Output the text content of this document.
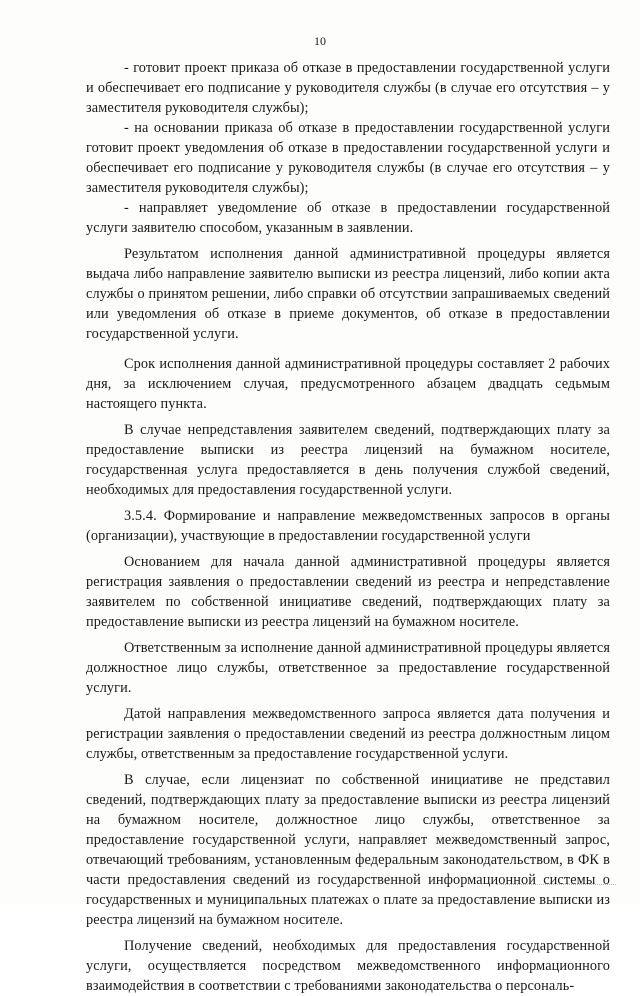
10

- готовит проект приказа об отказе в предоставлении государственной услуги и обеспечивает его подписание у руководителя службы (в случае его отсутствия – у заместителя руководителя службы);

- на основании приказа об отказе в предоставлении государственной услуги готовит проект уведомления об отказе в предоставлении государственной услуги и обеспечивает его подписание у руководителя службы (в случае его отсутствия – у заместителя руководителя службы);

- направляет уведомление об отказе в предоставлении государственной услуги заявителю способом, указанным в заявлении.

Результатом исполнения данной административной процедуры является выдача либо направление заявителю выписки из реестра лицензий, либо копии акта службы о принятом решении, либо справки об отсутствии запрашиваемых сведений или уведомления об отказе в приеме документов, об отказе в предоставлении государственной услуги.

Срок исполнения данной административной процедуры составляет 2 рабочих дня, за исключением случая, предусмотренного абзацем двадцать седьмым настоящего пункта.

В случае непредставления заявителем сведений, подтверждающих плату за предоставление выписки из реестра лицензий на бумажном носителе, государственная услуга предоставляется в день получения службой сведений, необходимых для предоставления государственной услуги.

3.5.4. Формирование и направление межведомственных запросов в органы (организации), участвующие в предоставлении государственной услуги

Основанием для начала данной административной процедуры является регистрация заявления о предоставлении сведений из реестра и непредставление заявителем по собственной инициативе сведений, подтверждающих плату за предоставление выписки из реестра лицензий на бумажном носителе.

Ответственным за исполнение данной административной процедуры является должностное лицо службы, ответственное за предоставление государственной услуги.

Датой направления межведомственного запроса является дата получения и регистрации заявления о предоставлении сведений из реестра должностным лицом службы, ответственным за предоставление государственной услуги.

В случае, если лицензиат по собственной инициативе не представил сведений, подтверждающих плату за предоставление выписки из реестра лицензий на бумажном носителе, должностное лицо службы, ответственное за предоставление государственной услуги, направляет межведомственный запрос, отвечающий требованиям, установленным федеральным законодательством, в ФК в части предоставления сведений из государственной информационной системы о государственных и муниципальных платежах о плате за предоставление выписки из реестра лицензий на бумажном носителе.

Получение сведений, необходимых для предоставления государственной услуги, осуществляется посредством межведомственного информационного взаимодействия в соответствии с требованиями законодательства о персональ-
